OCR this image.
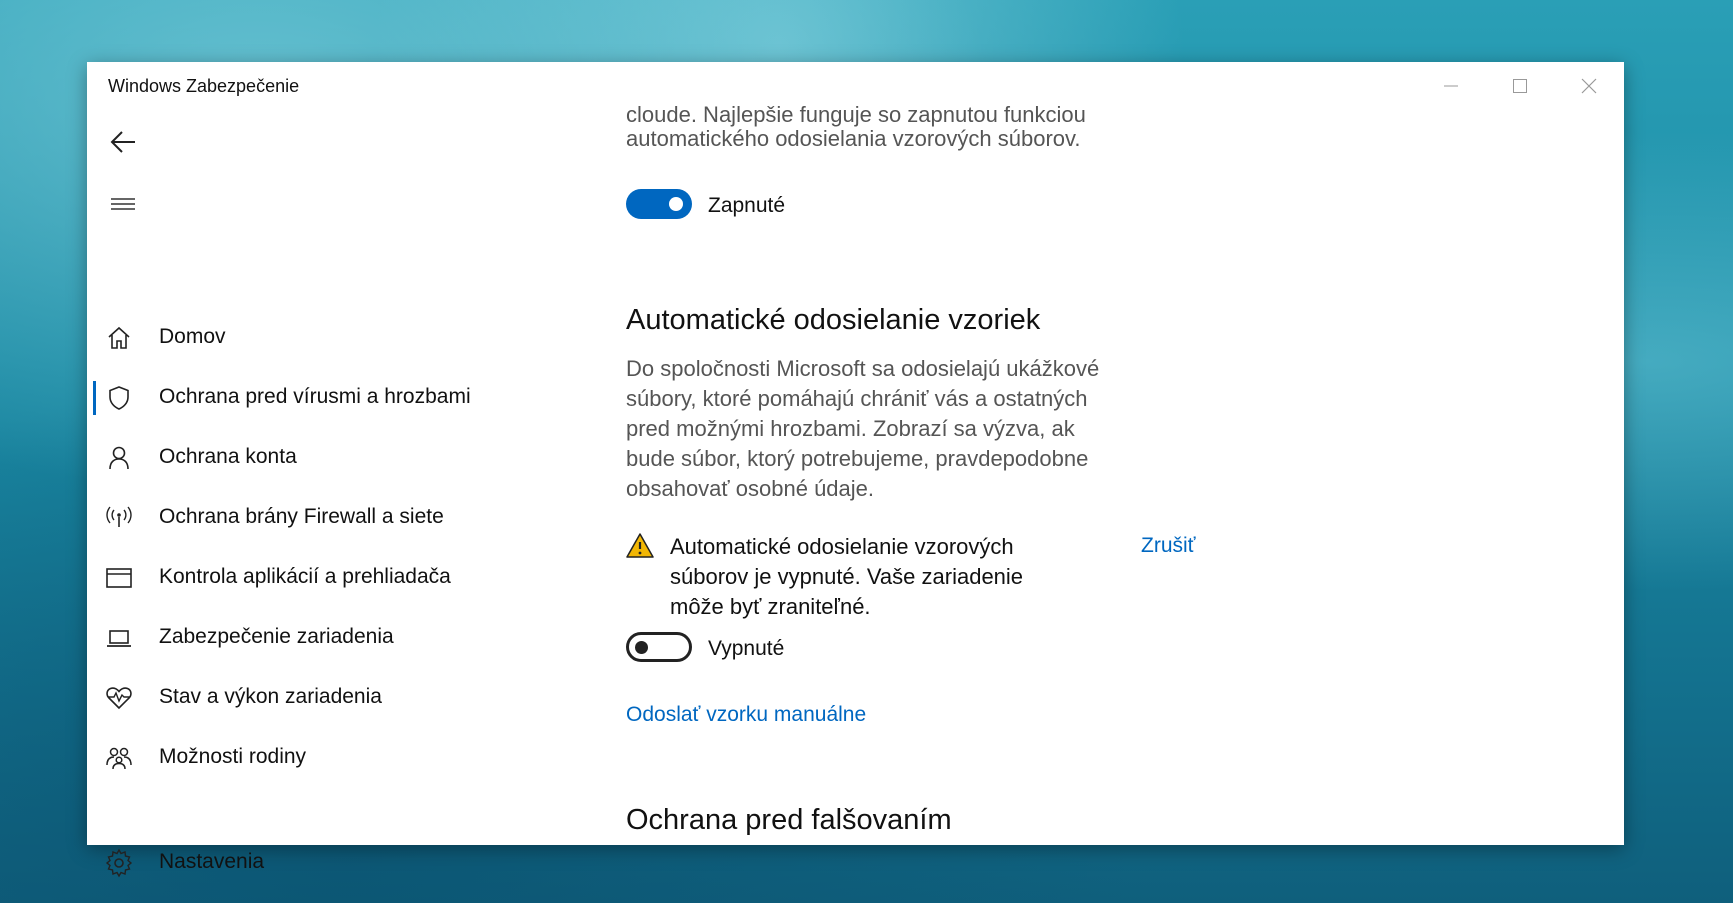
Windows Zabezpečenie
Domov
Ochrana pred vírusmi a hrozbami
Ochrana konta
Ochrana brány Firewall a siete
Kontrola aplikácií a prehliadača
Zabezpečenie zariadenia
Stav a výkon zariadenia
Možnosti rodiny
Nastavenia
cloude. Najlepšie funguje so zapnutou funkciou
automatického odosielania vzorových súborov.
Zapnuté
Automatické odosielanie vzoriek
Do spoločnosti Microsoft sa odosielajú ukážkové súbory, ktoré pomáhajú chrániť vás a ostatných pred možnými hrozbami. Zobrazí sa výzva, ak bude súbor, ktorý potrebujeme, pravdepodobne obsahovať osobné údaje.
Automatické odosielanie vzorových súborov je vypnuté. Vaše zariadenie môže byť zraniteľné.
Zrušiť
Vypnuté
Odoslať vzorku manuálne
Ochrana pred falšovaním
